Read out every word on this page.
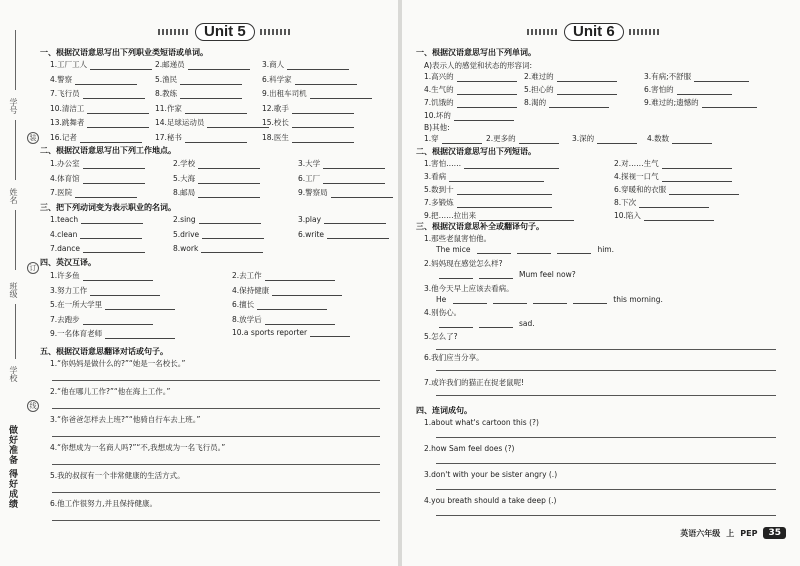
学号
姓名
班级
学校
装
订
线
做好准备 得好成绩
Unit 5
一、根据汉语意思写出下列职业类短语或单词。
1.工厂工人	2.邮递员	3.商人
4.警察	5.渔民	6.科学家
7.飞行员	8.教练	9.出租车司机
10.清洁工	11.作家	12.歌手
13.跳舞者	14.足球运动员	15.校长
16.记者	17.秘书	18.医生
二、根据汉语意思写出下列工作地点。
1.办公室	2.学校	3.大学
4.体育馆	5.大海	6.工厂
7.医院	8.邮局	9.警察局
三、把下列动词变为表示职业的名词。
1.teach	2.sing	3.play
4.clean	5.drive	6.write
7.dance	8.work
四、英汉互译。
1.许多鱼	2.去工作
3.努力工作	4.保持健康
5.在一所大学里	6.擅长
7.去跑步	8.放学后
9.一名体育老师	10.a sports reporter
五、根据汉语意思翻译对话或句子。
1.“你妈妈是做什么的?”“她是一名校长。”
2.“他在哪儿工作?”“他在海上工作。”
3.“你爸爸怎样去上班?”“他骑自行车去上班。”
4.“你想成为一名商人吗?”“不,我想成为一名飞行员。”
5.我的叔叔有一个非常健康的生活方式。
6.他工作很努力,并且保持健康。
Unit 6
一、根据汉语意思写出下列单词。
A)表示人的感觉和状态的形容词:
1.高兴的	2.难过的	3.有病;不舒服
4.生气的	5.担心的	6.害怕的
7.饥饿的	8.渴的	9.难过的;遗憾的
10.坏的
B)其他:
1.穿	2.更多的	3.深的	4.数数
二、根据汉语意思写出下列短语。
1.害怕……	2.对……生气
3.看病	4.探视一口气
5.数到十	6.穿暖和的衣服
7.多锻炼	8.下次
9.把……拉出来	10.陷入
三、根据汉语意思补全或翻译句子。
1.那些老鼠害怕他。
The mice	him.
2.妈妈现在感觉怎么样?
Mum feel now?
3.他今天早上应该去看病。
He	this morning.
4.别伤心。
sad.
5.怎么了?
6.我们应当分享。
7.或许我们的猫正在捉老鼠呢!
四、连词成句。
1.about what's cartoon this (?)
2.how Sam feel does (?)
3.don't with your be sister angry (.)
4.you breath should a take deep (.)
英语六年级 上 PEP	35
